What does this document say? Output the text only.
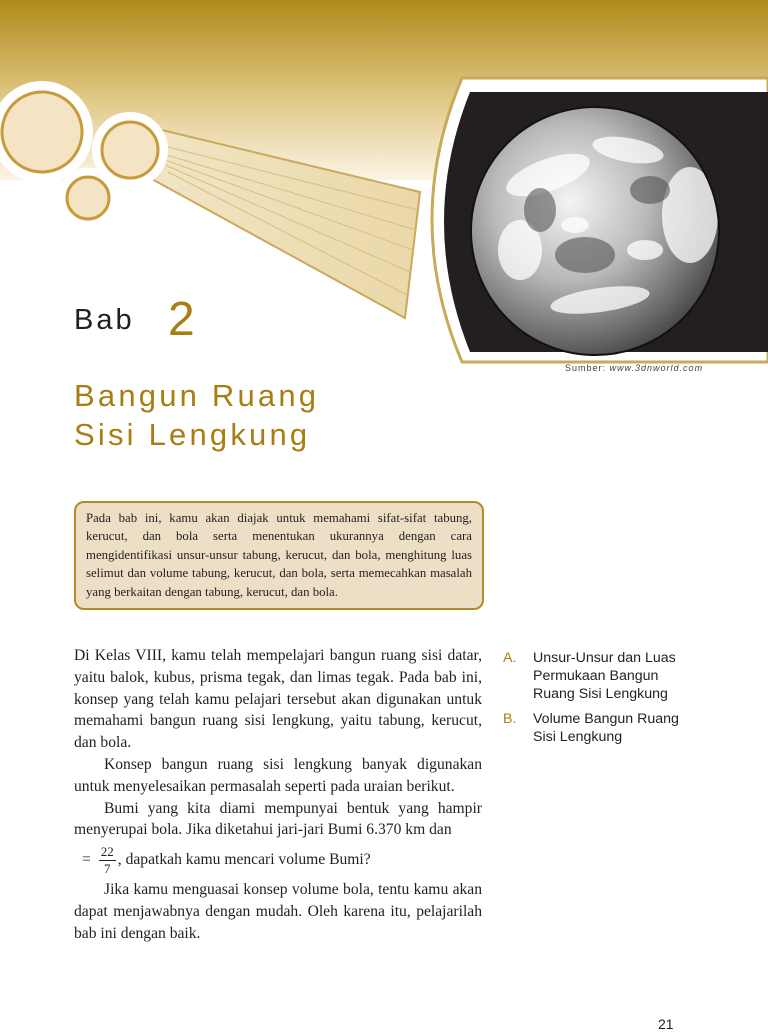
Bab 2
Sumber: www.3dnworld.com
Bangun Ruang
Sisi Lengkung
Pada bab ini, kamu akan diajak untuk memahami sifat-sifat tabung, kerucut, dan bola serta menentukan ukurannya dengan cara mengidentifikasi unsur-unsur tabung, kerucut, dan bola, menghitung luas selimut dan volume tabung, kerucut, dan bola, serta memecahkan masalah yang berkaitan dengan tabung, kerucut, dan bola.

Di Kelas VIII, kamu telah mempelajari bangun ruang sisi datar, yaitu balok, kubus, prisma tegak, dan limas tegak. Pada bab ini, konsep yang telah kamu pelajari tersebut akan digunakan untuk memahami bangun ruang sisi lengkung, yaitu tabung, kerucut, dan bola.

Konsep bangun ruang sisi lengkung banyak digunakan untuk menyelesaikan permasalah seperti pada uraian berikut.

Bumi yang kita diami mempunyai bentuk yang hampir menyerupai bola. Jika diketahui jari-jari Bumi 6.370 km dan

= $\frac{22}{7}$ , dapatkah kamu mencari volume Bumi?

Jika kamu menguasai konsep volume bola, tentu kamu akan dapat menjawabnya dengan mudah. Oleh karena itu, pelajarilah bab ini dengan baik.

A.	Unsur-Unsur dan Luas Permukaan Bangun Ruang Sisi Lengkung
B.	Volume Bangun Ruang Sisi Lengkung
21
